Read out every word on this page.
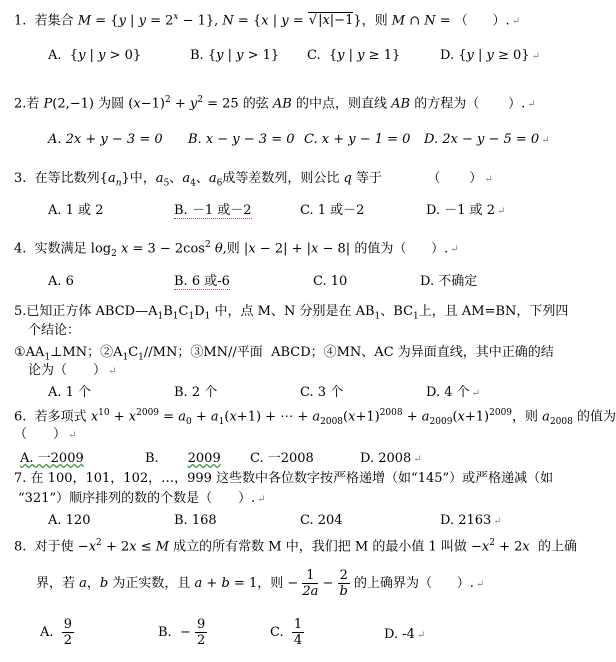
1.  若集合 M = {y | $y = 2^x - 1$}, N = {x | y = √|x|−1}，则 M ∩ N = （      ）. ↵
A.  {y | y > 0}	B. {y | y > 1} C.  {y | y ≥ 1}	D. {y | y ≥ 0} ↵
2.若 P(2,−1) 为圆 $(x-1)^2 + y^2 = 25$ 的弦 AB 的中点，则直线 AB 的方程为（       ）. ↵
A. 2x + y − 3 = 0 B. x − y − 3 = 0 C. x + y − 1 = 0 D. 2x − y − 5 = 0 ↵
3.  在等比数列$\{a_n\}$中，$a_5$、$a_4$、$a_6$成等差数列，则公比 q 等于           （       ） ↵
A. 1 或 2	B. －1 或－2	C. 1 或－2	D. －1 或 2 ↵
4.  实数满足 $\log_2 x = 3 - 2\cos^2$ θ,则 |x − 2| + |x − 8| 的值为（      ）. ↵
A. 6	B. 6 或-6	C. 10	D. 不确定
5.已知正方体 $ABCD—A_1B_1C_1D_1$ 中，点 M、N 分别是在 $AB_1$、$BC_1$上，且 AM=BN，下列四
个结论：
$①AA_1\perp MN$；$②A_1C_1//MN$；③MN//平面  ABCD；④MN、AC 为异面直线，其中正确的结
论为（　　） ↵
A. 1 个	B. 2 个	C. 3 个	D. 4 个 ↵
6.  若多项式 $x^{10} + x^{2009} = a_0 + a_1(x+1)$ + ⋯ + $a_{2008}(x+1)^{2008} + a_{2009}(x+1)^{2009}$，则 $a_{2008}$ 的值为
（　　） ↵
A. 一2009	B.       2009 C. 一2008	D. 2008 ↵
7. 在 100，101，102，…，999 这些数中各位数字按严格递增（如“145”）或严格递减（如
“321”）顺序排列的数的个数是（　　）. ↵
A. 120	B. 168	C. 204	D. 2163 ↵
8.  对于使 $-x^2 + 2x \le M$ 成立的所有常数 M 中，我们把 M 的最小值 1 叫做 $-x^2 + 2x$  的上确
界，若 a，b 为正实数，且 a + b = 1，则 − $\frac{1}{2a} - \frac{2}{b}$ 的上确界为（      ）. ↵
A. $\frac{9}{2}$	B.  − $\frac{9}{2}$	C. $\frac{1}{4}$	D. -4 ↵
